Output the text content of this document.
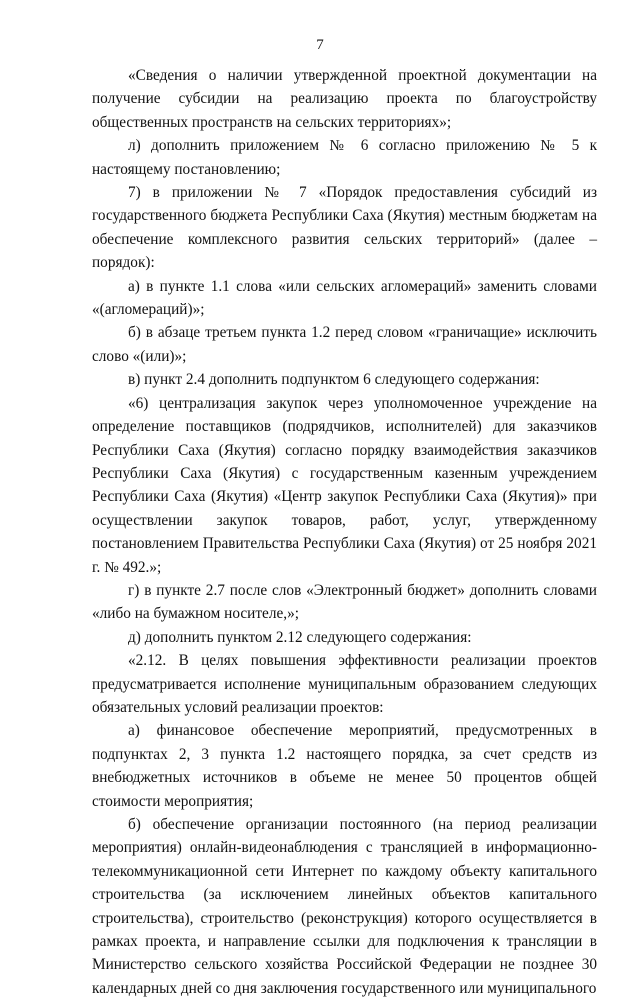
7

«Сведения о наличии утвержденной проектной документации на получение субсидии на реализацию проекта по благоустройству общественных пространств на сельских территориях»;

л) дополнить приложением № 6 согласно приложению № 5 к настоящему постановлению;

7) в приложении № 7 «Порядок предоставления субсидий из государственного бюджета Республики Саха (Якутия) местным бюджетам на обеспечение комплексного развития сельских территорий» (далее – порядок):

а) в пункте 1.1 слова «или сельских агломераций» заменить словами «(агломераций)»;

б) в абзаце третьем пункта 1.2 перед словом «граничащие» исключить слово «(или)»;

в) пункт 2.4 дополнить подпунктом 6 следующего содержания:

«6) централизация закупок через уполномоченное учреждение на определение поставщиков (подрядчиков, исполнителей) для заказчиков Республики Саха (Якутия) согласно порядку взаимодействия заказчиков Республики Саха (Якутия) с государственным казенным учреждением Республики Саха (Якутия) «Центр закупок Республики Саха (Якутия)» при осуществлении закупок товаров, работ, услуг, утвержденному постановлением Правительства Республики Саха (Якутия) от 25 ноября 2021 г. № 492.»;

г) в пункте 2.7 после слов «Электронный бюджет» дополнить словами «либо на бумажном носителе,»;

д) дополнить пунктом 2.12 следующего содержания:

«2.12. В целях повышения эффективности реализации проектов предусматривается исполнение муниципальным образованием следующих обязательных условий реализации проектов:

а) финансовое обеспечение мероприятий, предусмотренных в подпунктах 2, 3 пункта 1.2 настоящего порядка, за счет средств из внебюджетных источников в объеме не менее 50 процентов общей стоимости мероприятия;

б) обеспечение организации постоянного (на период реализации мероприятия) онлайн-видеонаблюдения с трансляцией в информационно-телекоммуникационной сети Интернет по каждому объекту капитального строительства (за исключением линейных объектов капитального строительства), строительство (реконструкция) которого осуществляется в рамках проекта, и направление ссылки для подключения к трансляции в Министерство сельского хозяйства Российской Федерации не позднее 30 календарных дней со дня заключения государственного или муниципального
